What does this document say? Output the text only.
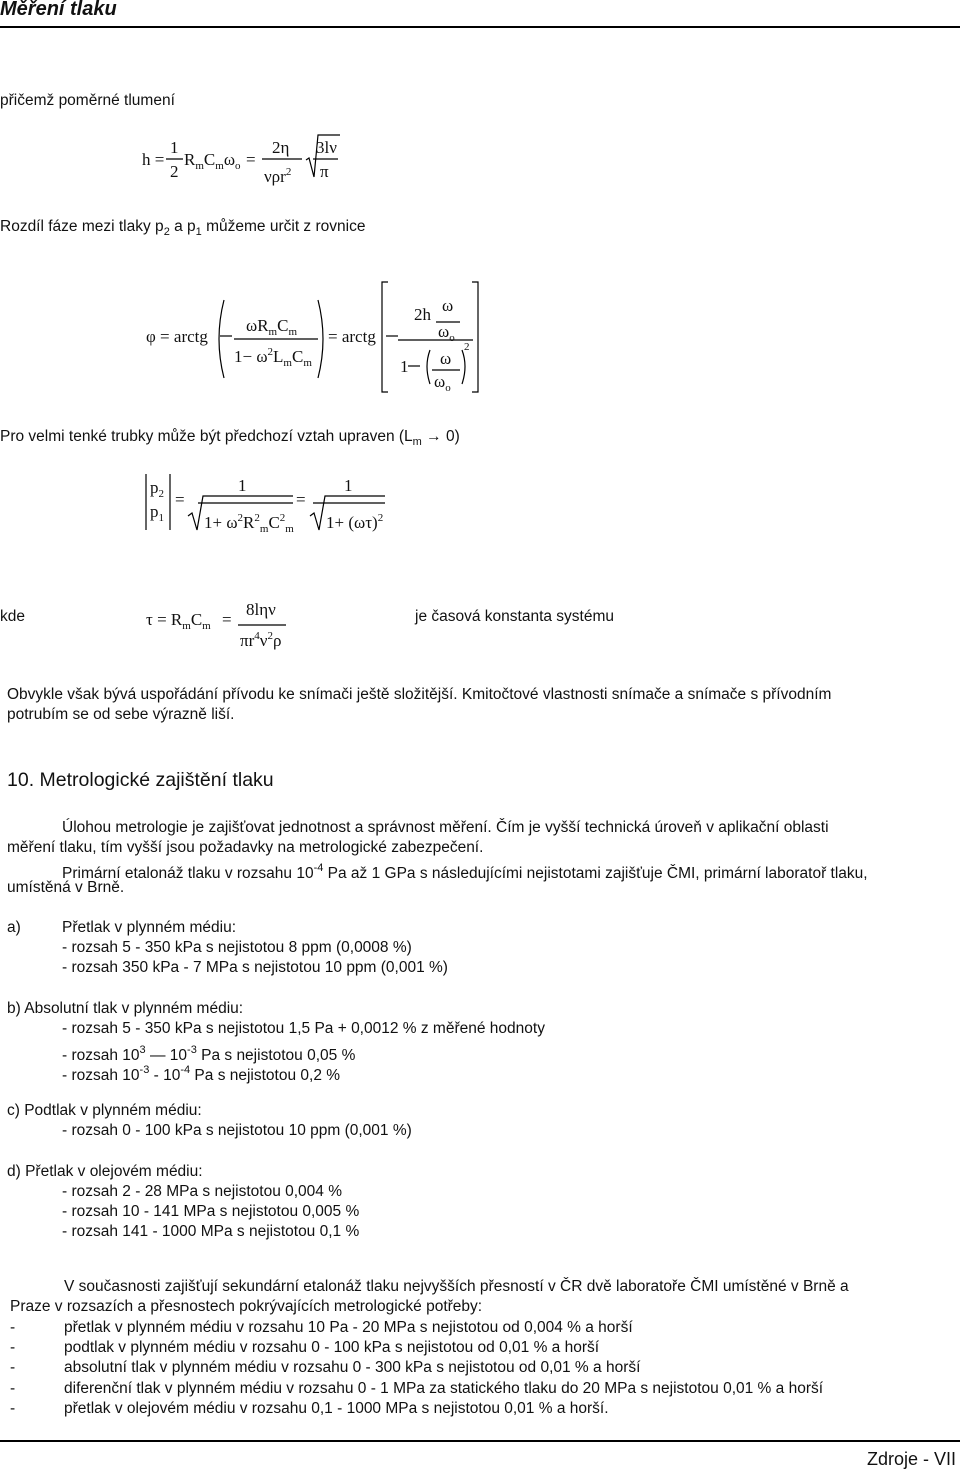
Měření tlaku
přičemž poměrné tlumení
h =
1
2
$R_mC_m\omega_o$ =
2η
νρr$^2$
3lν
π
Rozdíl fáze mezi tlaky $p_2$ a $p_1$ můžeme určit z rovnice
φ = arctg
$\omega R_mC_m$
$1- \omega^2L_mC_m$
= arctg
2h ω
$\omega_o$
1 ω
$\omega_o$
2
Pro velmi tenké trubky může být předchozí vztah upraven $(L_m \to 0)$
$p_2$
$p_1$
=
1
$1+ \omega^2R^2_mC^2_m$
=
1
$1+ (\omega\tau)^2$
kde	$\tau = R_mC_m$ =
8lην
$\pi r^4\nu^2\rho$
je časová konstanta systému
Obvykle však bývá uspořádání přívodu ke snímači ještě složitější. Kmitočtové vlastnosti snímače a snímače s přívodním
potrubím se od sebe výrazně liší.
10. Metrologické zajištění tlaku
Úlohou metrologie je zajišťovat jednotnost a správnost měření. Čím je vyšší technická úroveň v aplikační oblasti
měření tlaku, tím vyšší jsou požadavky na metrologické zabezpečení.
Primární etalonáž tlaku v rozsahu $10^{-4}$ Pa až 1 GPa s následujícími nejistotami zajišťuje ČMI, primární laboratoř tlaku,
umístěná v Brně.
a)	Přetlak v plynném médiu:
- rozsah 5 - 350 kPa s nejistotou 8 ppm (0,0008 %)
- rozsah 350 kPa - 7 MPa s nejistotou 10 ppm (0,001 %)
b) Absolutní tlak v plynném médiu:
- rozsah 5 - 350 kPa s nejistotou 1,5 Pa + 0,0012 % z měřené hodnoty
- rozsah $10^3$ — $10^{-3}$ Pa s nejistotou 0,05 %
- rozsah $10^{-3} - 10^{-4}$ Pa s nejistotou 0,2 %
c) Podtlak v plynném médiu:
- rozsah 0 - 100 kPa s nejistotou 10 ppm (0,001 %)
d) Přetlak v olejovém médiu:
- rozsah 2 - 28 MPa s nejistotou 0,004 %
- rozsah 10 - 141 MPa s nejistotou 0,005 %
- rozsah 141 - 1000 MPa s nejistotou 0,1 %
V současnosti zajišťují sekundární etalonáž tlaku nejvyšších přesností v ČR dvě laboratoře ČMI umístěné v Brně a
Praze v rozsazích a přesnostech pokrývajících metrologické potřeby:
-	přetlak v plynném médiu v rozsahu 10 Pa - 20 MPa s nejistotou od 0,004 % a horší
-	podtlak v plynném médiu v rozsahu 0 - 100 kPa s nejistotou od 0,01 % a horší
-	absolutní tlak v plynném médiu v rozsahu 0 - 300 kPa s nejistotou od 0,01 % a horší
-	diferenční tlak v plynném médiu v rozsahu 0 - 1 MPa za statického tlaku do 20 MPa s nejistotou 0,01 % a horší
-	přetlak v olejovém médiu v rozsahu 0,1 - 1000 MPa s nejistotou 0,01 % a horší.
Zdroje - VII
